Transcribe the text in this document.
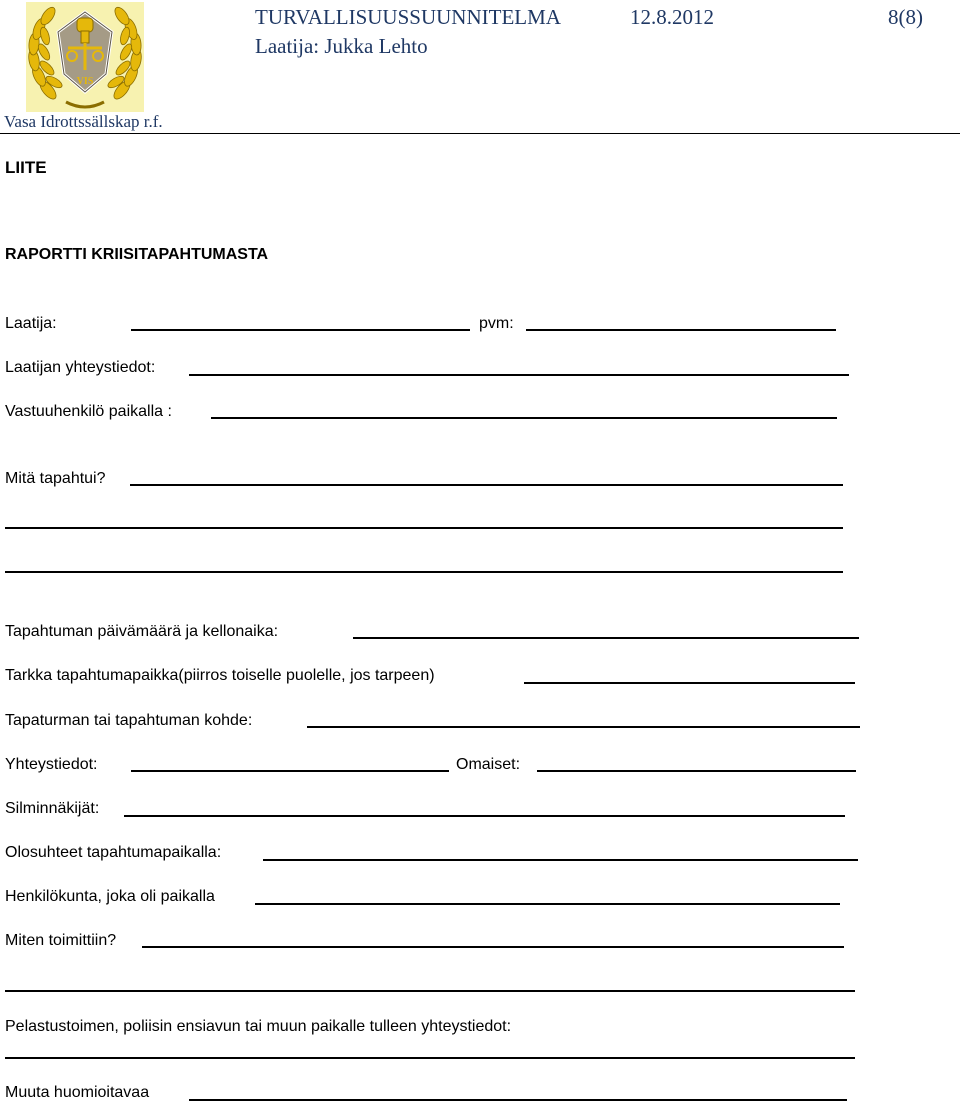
VIS
TURVALLISUUSSUUNNITELMA	12.8.2012	8(8)
Laatija: Jukka Lehto
Vasa Idrottssällskap r.f.
LIITE
RAPORTTI KRIISITAPAHTUMASTA
Laatija:	pvm:
Laatijan yhteystiedot:
Vastuuhenkilö paikalla :
Mitä tapahtui?
Tapahtuman päivämäärä ja kellonaika:
Tarkka tapahtumapaikka(piirros toiselle puolelle, jos tarpeen)
Tapaturman tai tapahtuman kohde:
Yhteystiedot:	Omaiset:
Silminnäkijät:
Olosuhteet tapahtumapaikalla:
Henkilökunta, joka oli paikalla
Miten toimittiin?
Pelastustoimen, poliisin ensiavun tai muun paikalle tulleen yhteystiedot:
Muuta huomioitavaa
